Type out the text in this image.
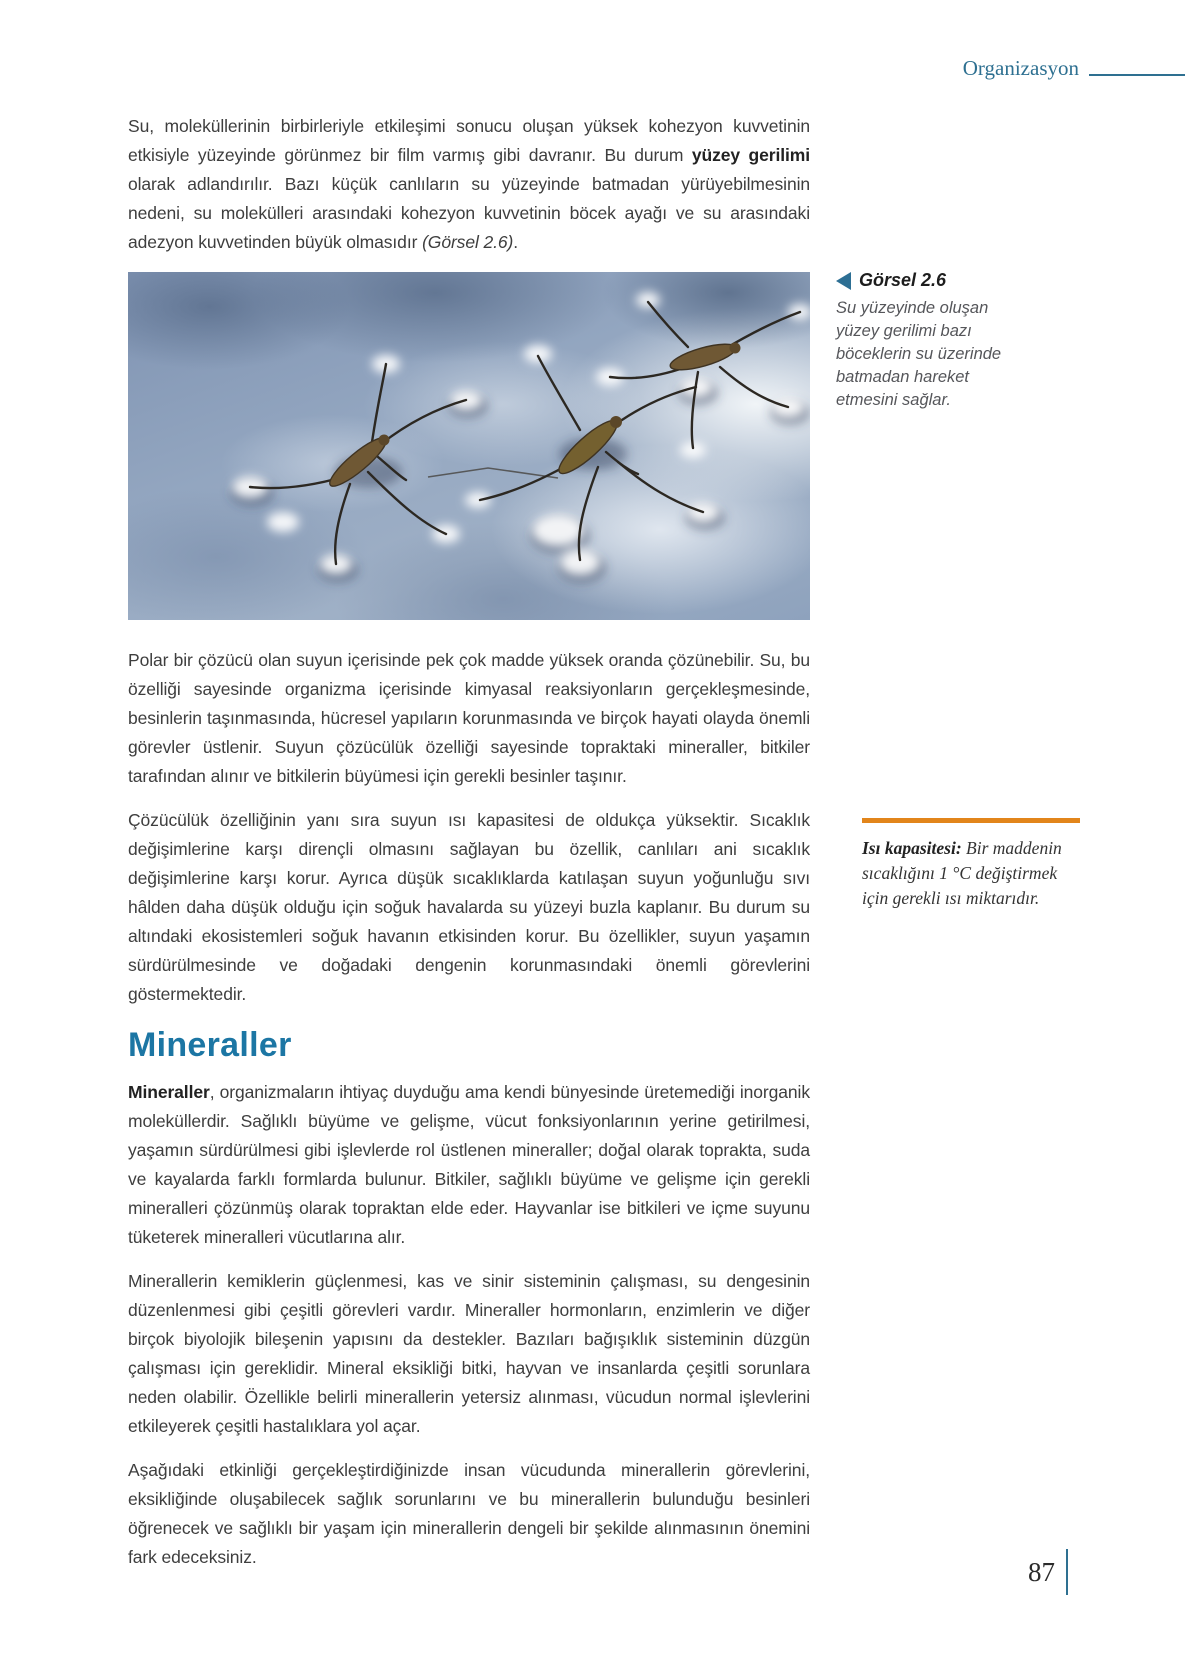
Organizasyon

Su, moleküllerinin birbirleriyle etkileşimi sonucu oluşan yüksek kohezyon kuvvetinin etkisiyle yüzeyinde görünmez bir film varmış gibi davranır. Bu durum yüzey gerilimi olarak adlandırılır. Bazı küçük canlıların su yüzeyinde batmadan yürüyebilmesinin nedeni, su molekülleri arasındaki kohezyon kuvvetinin böcek ayağı ve su arasındaki adezyon kuvvetinden büyük olmasıdır (Görsel 2.6).

Polar bir çözücü olan suyun içerisinde pek çok madde yüksek oranda çözünebilir. Su, bu özelliği sayesinde organizma içerisinde kimyasal reaksiyonların gerçekleşmesinde, besinlerin taşınmasında, hücresel yapıların korunmasında ve birçok hayati olayda önemli görevler üstlenir. Suyun çözücülük özelliği sayesinde topraktaki mineraller, bitkiler tarafından alınır ve bitkilerin büyümesi için gerekli besinler taşınır.

Çözücülük özelliğinin yanı sıra suyun ısı kapasitesi de oldukça yüksektir. Sıcaklık değişimlerine karşı dirençli olmasını sağlayan bu özellik, canlıları ani sıcaklık değişimlerine karşı korur. Ayrıca düşük sıcaklıklarda katılaşan suyun yoğunluğu sıvı hâlden daha düşük olduğu için soğuk havalarda su yüzeyi buzla kaplanır. Bu durum su altındaki ekosistemleri soğuk havanın etkisinden korur. Bu özellikler, suyun yaşamın sürdürülmesinde ve doğadaki dengenin korunmasındaki önemli görevlerini göstermektedir.

Mineraller

Mineraller, organizmaların ihtiyaç duyduğu ama kendi bünyesinde üretemediği inorganik moleküllerdir. Sağlıklı büyüme ve gelişme, vücut fonksiyonlarının yerine getirilmesi, yaşamın sürdürülmesi gibi işlevlerde rol üstlenen mineraller; doğal olarak toprakta, suda ve kayalarda farklı formlarda bulunur. Bitkiler, sağlıklı büyüme ve gelişme için gerekli mineralleri çözünmüş olarak topraktan elde eder. Hayvanlar ise bitkileri ve içme suyunu tüketerek mineralleri vücutlarına alır.

Minerallerin kemiklerin güçlenmesi, kas ve sinir sisteminin çalışması, su dengesinin düzenlenmesi gibi çeşitli görevleri vardır. Mineraller hormonların, enzimlerin ve diğer birçok biyolojik bileşenin yapısını da destekler. Bazıları bağışıklık sisteminin düzgün çalışması için gereklidir. Mineral eksikliği bitki, hayvan ve insanlarda çeşitli sorunlara neden olabilir. Özellikle belirli minerallerin yetersiz alınması, vücudun normal işlevlerini etkileyerek çeşitli hastalıklara yol açar.

Aşağıdaki etkinliği gerçekleştirdiğinizde insan vücudunda minerallerin görevlerini, eksikliğinde oluşabilecek sağlık sorunlarını ve bu minerallerin bulunduğu besinleri öğrenecek ve sağlıklı bir yaşam için minerallerin dengeli bir şekilde alınmasının önemini fark edeceksiniz.

Görsel 2.6
Su yüzeyinde oluşan yüzey gerilimi bazı böceklerin su üzerinde batmadan hareket etmesini sağlar.
Isı kapasitesi: Bir maddenin sıcaklığını 1 °C değiştirmek için gerekli ısı miktarıdır.
87
